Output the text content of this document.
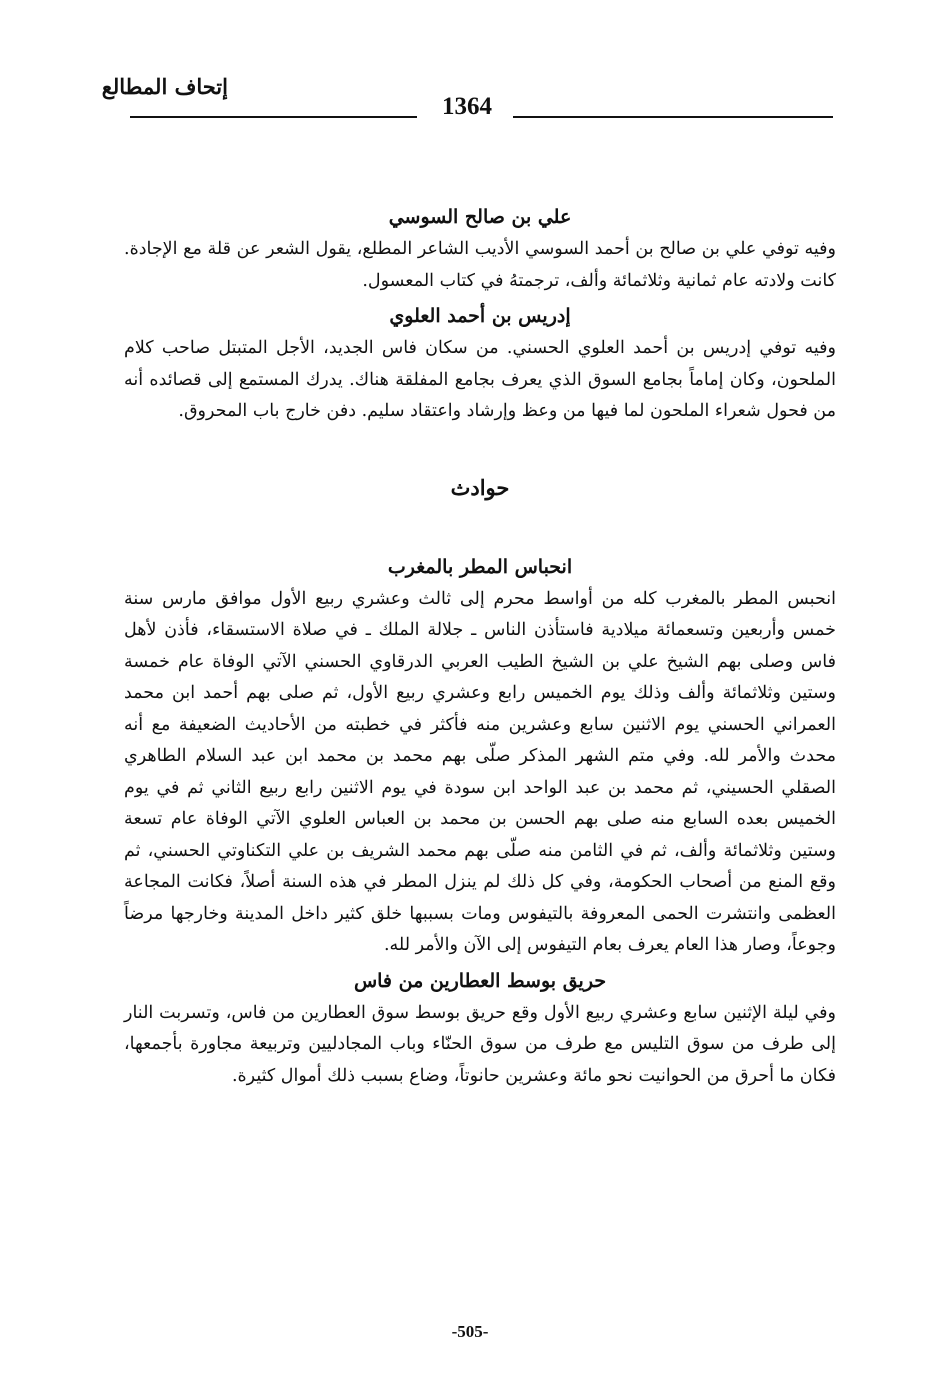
إتحاف المطالع
1364
علي بن صالح السوسي

وفيه توفي علي بن صالح بن أحمد السوسي الأديب الشاعر المطلع، يقول الشعر عن قلة مع الإجادة. كانت ولادته عام ثمانية وثلاثمائة وألف، ترجمتهُ في كتاب المعسول.

إدريس بن أحمد العلوي

وفيه توفي إدريس بن أحمد العلوي الحسني. من سكان فاس الجديد، الأجل المتبتل صاحب كلام الملحون، وكان إماماً بجامع السوق الذي يعرف بجامع المفلقة هناك. يدرك المستمع إلى قصائده أنه من فحول شعراء الملحون لما فيها من وعظ وإرشاد واعتقاد سليم. دفن خارج باب المحروق.

حوادث
انحباس المطر بالمغرب

انحبس المطر بالمغرب كله من أواسط محرم إلى ثالث وعشري ربيع الأول موافق مارس سنة خمس وأربعين وتسعمائة ميلادية فاستأذن الناس ـ جلالة الملك ـ في صلاة الاستسقاء، فأذن لأهل فاس وصلى بهم الشيخ علي بن الشيخ الطيب العربي الدرقاوي الحسني الآتي الوفاة عام خمسة وستين وثلاثمائة وألف وذلك يوم الخميس رابع وعشري ربيع الأول، ثم صلى بهم أحمد ابن محمد العمراني الحسني يوم الاثنين سابع وعشرين منه فأكثر في خطبته من الأحاديث الضعيفة مع أنه محدث والأمر لله. وفي متم الشهر المذكر صلّى بهم محمد بن محمد ابن عبد السلام الطاهري الصقلي الحسيني، ثم محمد بن عبد الواحد ابن سودة في يوم الاثنين رابع ربيع الثاني ثم في يوم الخميس بعده السابع منه صلى بهم الحسن بن محمد بن العباس العلوي الآتي الوفاة عام تسعة وستين وثلاثمائة وألف، ثم في الثامن منه صلّى بهم محمد الشريف بن علي التكناوتي الحسني، ثم وقع المنع من أصحاب الحكومة، وفي كل ذلك لم ينزل المطر في هذه السنة أصلاً، فكانت المجاعة العظمى وانتشرت الحمى المعروفة بالتيفوس ومات بسببها خلق كثير داخل المدينة وخارجها مرضاً وجوعاً، وصار هذا العام يعرف بعام التيفوس إلى الآن والأمر لله.

حريق بوسط العطارين من فاس

وفي ليلة الإثنين سابع وعشري ربيع الأول وقع حريق بوسط سوق العطارين من فاس، وتسربت النار إلى طرف من سوق التليس مع طرف من سوق الحنّاء وباب المجادليين وتربيعة مجاورة بأجمعها، فكان ما أحرق من الحوانيت نحو مائة وعشرين حانوتاً، وضاع بسبب ذلك أموال كثيرة.

-505-
